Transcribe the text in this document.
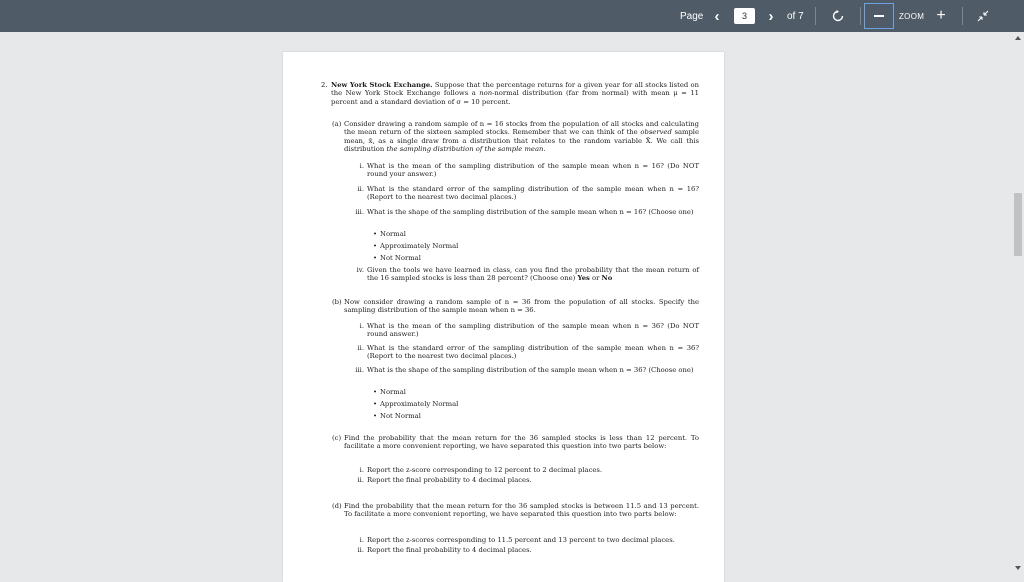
Page ‹
3	› of 7	ZOOM +
2. New York Stock Exchange. Suppose that the percentage returns for a given year for all stocks listed on the New York Stock Exchange follows a non-normal distribution (far from normal) with mean μ = 11 percent and a standard deviation of σ = 10 percent.
(a) Consider drawing a random sample of n = 16 stocks from the population of all stocks and calculating the mean return of the sixteen sampled stocks. Remember that we can think of the observed sample mean, x̄, as a single draw from a distribution that relates to the random variable X̄. We call this distribution the sampling distribution of the sample mean.
i. What is the mean of the sampling distribution of the sample mean when n = 16? (Do NOT round your answer.)
ii. What is the standard error of the sampling distribution of the sample mean when n = 16? (Report to the nearest two decimal places.)
iii. What is the shape of the sampling distribution of the sample mean when n = 16? (Choose one)
• Normal
• Approximately Normal
• Not Normal
iv. Given the tools we have learned in class, can you find the probability that the mean return of the 16 sampled stocks is less than 28 percent? (Choose one) Yes or No
(b) Now consider drawing a random sample of n = 36 from the population of all stocks. Specify the sampling distribution of the sample mean when n = 36.
i. What is the mean of the sampling distribution of the sample mean when n = 36? (Do NOT round answer.)
ii. What is the standard error of the sampling distribution of the sample mean when n = 36? (Report to the nearest two decimal places.)
iii. What is the shape of the sampling distribution of the sample mean when n = 36? (Choose one)
• Normal
• Approximately Normal
• Not Normal
(c) Find the probability that the mean return for the 36 sampled stocks is less than 12 percent. To facilitate a more convenient reporting, we have separated this question into two parts below:
i. Report the z-score corresponding to 12 percent to 2 decimal places.
ii. Report the final probability to 4 decimal places.
(d) Find the probability that the mean return for the 36 sampled stocks is between 11.5 and 13 percent. To facilitate a more convenient reporting, we have separated this question into two parts below:
i. Report the z-scores corresponding to 11.5 percent and 13 percent to two decimal places.
ii. Report the final probability to 4 decimal places.
